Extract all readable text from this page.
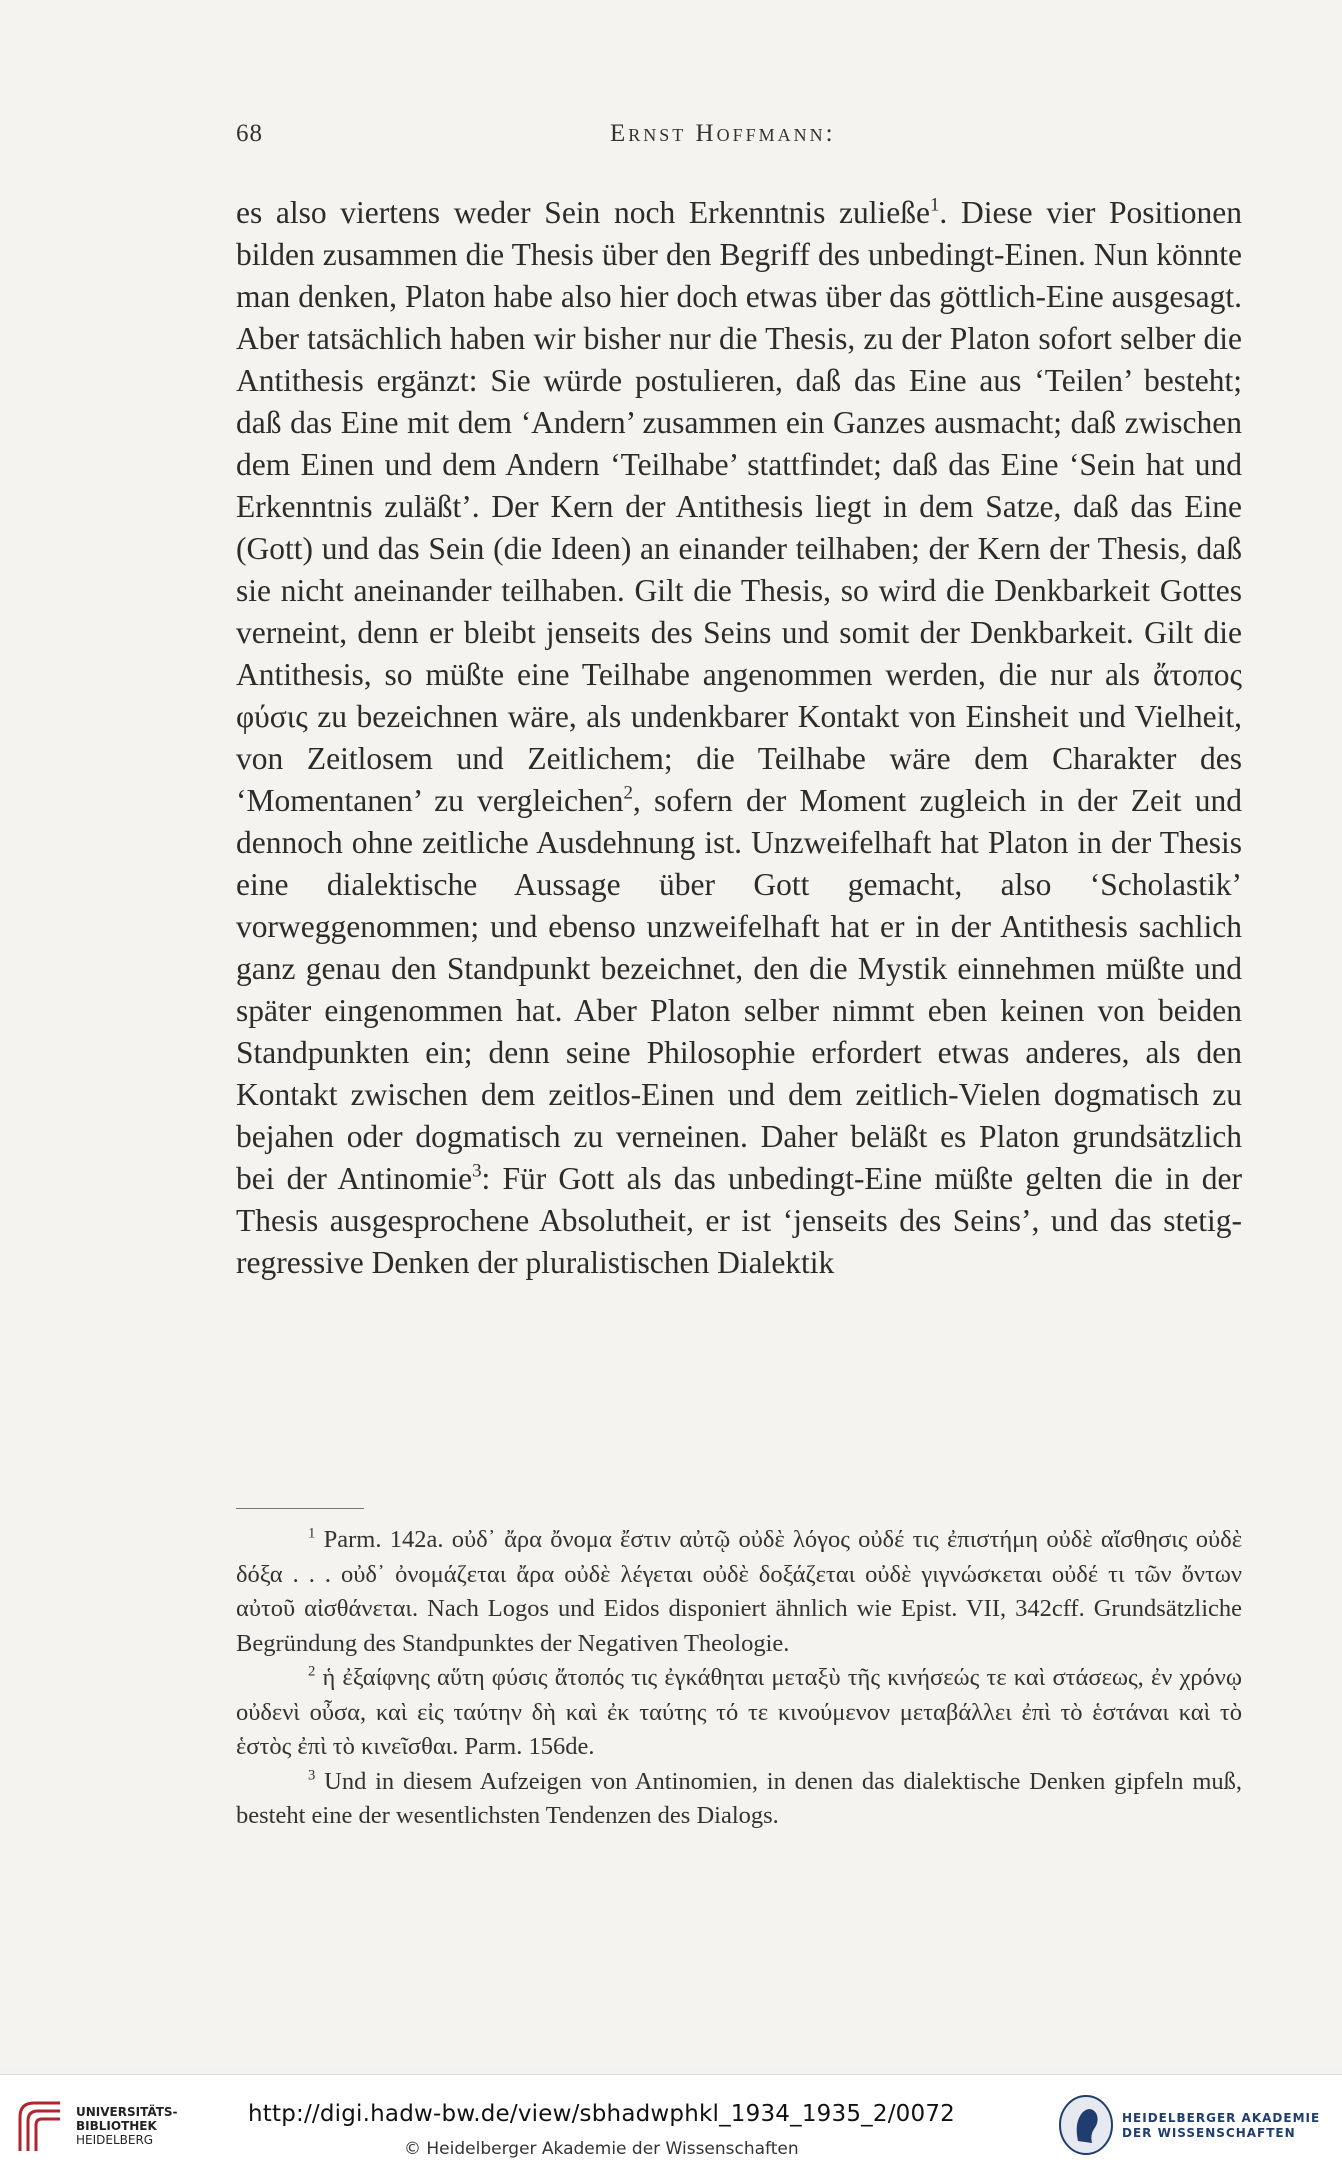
68	Ernst Hoffmann:

es also viertens weder Sein noch Erkenntnis zuließe$^1$. Diese vier Positionen bilden zusammen die Thesis über den Begriff des unbedingt-Einen. Nun könnte man denken, Platon habe also hier doch etwas über das göttlich-Eine ausgesagt. Aber tatsächlich haben wir bisher nur die Thesis, zu der Platon sofort selber die Antithesis ergänzt: Sie würde postulieren, daß das Eine aus ‘Teilen’ besteht; daß das Eine mit dem ‘Andern’ zusammen ein Ganzes ausmacht; daß zwischen dem Einen und dem Andern ‘Teilhabe’ stattfindet; daß das Eine ‘Sein hat und Erkenntnis zuläßt’. Der Kern der Antithesis liegt in dem Satze, daß das Eine (Gott) und das Sein (die Ideen) an einander teilhaben; der Kern der Thesis, daß sie nicht aneinander teilhaben. Gilt die Thesis, so wird die Denkbarkeit Gottes verneint, denn er bleibt jenseits des Seins und somit der Denkbarkeit. Gilt die Antithesis, so müßte eine Teilhabe angenommen werden, die nur als ἄτοπος φύσις zu bezeichnen wäre, als undenkbarer Kontakt von Einsheit und Vielheit, von Zeitlosem und Zeitlichem; die Teilhabe wäre dem Charakter des ‘Momentanen’ zu vergleichen$^2$, sofern der Moment zugleich in der Zeit und dennoch ohne zeitliche Ausdehnung ist. Unzweifelhaft hat Platon in der Thesis eine dialektische Aussage über Gott gemacht, also ‘Scholastik’ vorweggenommen; und ebenso unzweifelhaft hat er in der Antithesis sachlich ganz genau den Standpunkt bezeichnet, den die Mystik einnehmen müßte und später eingenommen hat. Aber Platon selber nimmt eben keinen von beiden Standpunkten ein; denn seine Philosophie erfordert etwas anderes, als den Kontakt zwischen dem zeitlos-Einen und dem zeitlich-Vielen dogmatisch zu bejahen oder dogmatisch zu verneinen. Daher beläßt es Platon grundsätzlich bei der Antinomie$^3$: Für Gott als das unbedingt-Eine müßte gelten die in der Thesis ausgesprochene Absolutheit, er ist ‘jenseits des Seins’, und das stetig-regressive Denken der pluralistischen Dialektik

$^1$ Parm. 142a. οὐδ᾿ ἄρα ὄνομα ἔστιν αὐτῷ οὐδὲ λόγος οὐδέ τις ἐπιστήμη οὐδὲ αἴσθησις οὐδὲ δόξα . . . οὐδ᾿ ὀνομάζεται ἄρα οὐδὲ λέγεται οὐδὲ δοξάζεται οὐδὲ γιγνώσκεται οὐδέ τι τῶν ὄντων αὐτοῦ αἰσθάνεται. Nach Logos und Eidos disponiert ähnlich wie Epist. VII, 342cff. Grundsätzliche Begründung des Standpunktes der Negativen Theologie.

$^2$ ἡ ἐξαίφνης αὕτη φύσις ἄτοπός τις ἐγκάθηται μεταξὺ τῆς κινήσεώς τε καὶ στάσεως, ἐν χρόνῳ οὐδενὶ οὖσα, καὶ εἰς ταύτην δὴ καὶ ἐκ ταύτης τό τε κινούμενον μεταβάλλει ἐπὶ τὸ ἑστάναι καὶ τὸ ἑστὸς ἐπὶ τὸ κινεῖσθαι. Parm. 156de.

$^3$ Und in diesem Aufzeigen von Antinomien, in denen das dialektische Denken gipfeln muß, besteht eine der wesentlichsten Tendenzen des Dialogs.

UNIVERSITÄTS-
BIBLIOTHEK
HEIDELBERG
http://digi.hadw-bw.de/view/sbhadwphkl_1934_1935_2/0072
© Heidelberger Akademie der Wissenschaften
HEIDELBERGER AKADEMIE
DER WISSENSCHAFTEN
